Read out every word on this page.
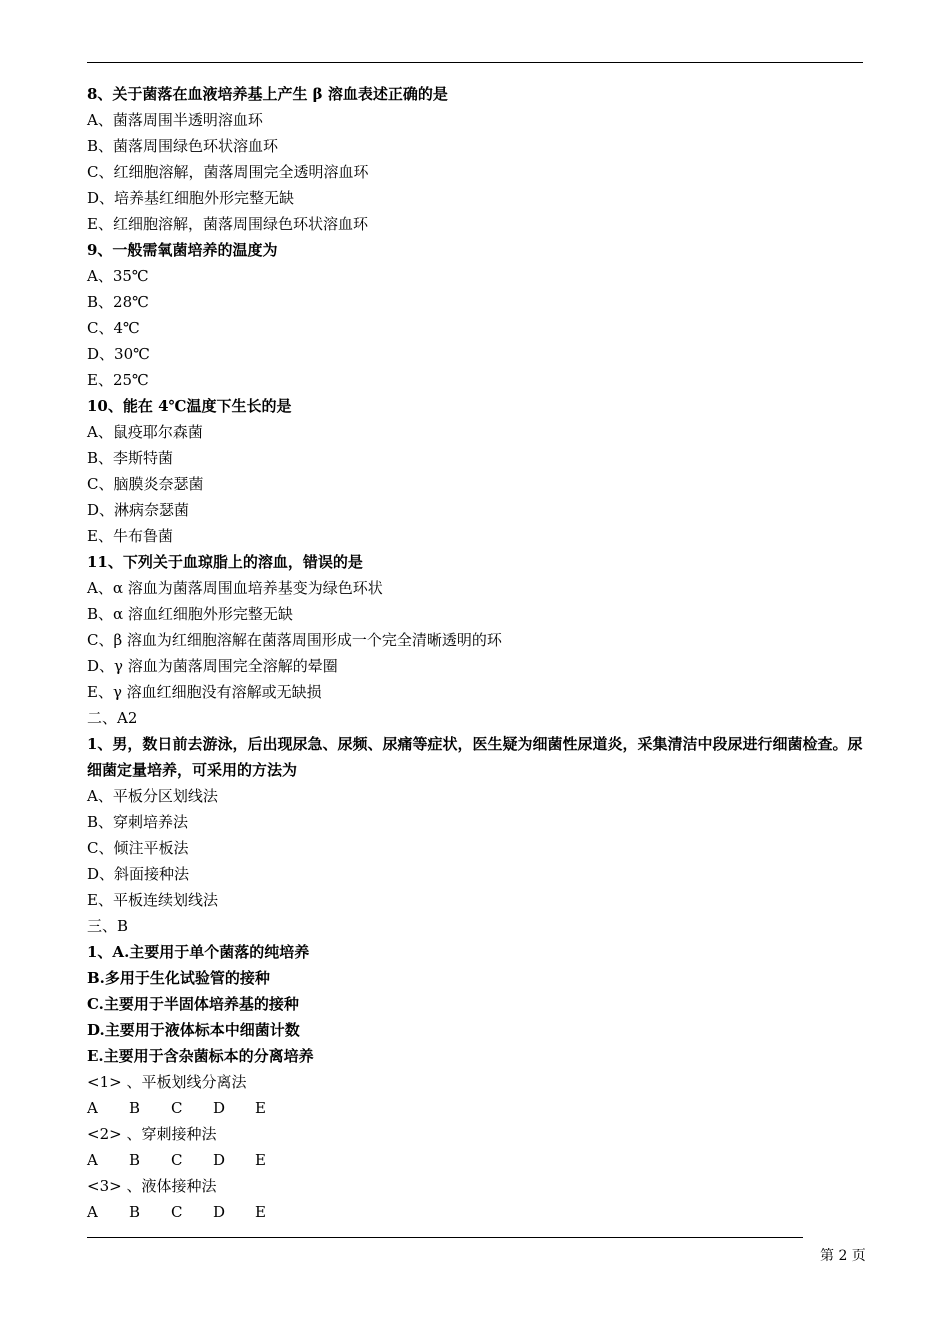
8、关于菌落在血液培养基上产生 β 溶血表述正确的是
A、菌落周围半透明溶血环
B、菌落周围绿色环状溶血环
C、红细胞溶解，菌落周围完全透明溶血环
D、培养基红细胞外形完整无缺
E、红细胞溶解，菌落周围绿色环状溶血环
9、一般需氧菌培养的温度为
A、35℃
B、28℃
C、4℃
D、30℃
E、25℃
10、能在 4℃温度下生长的是
A、鼠疫耶尔森菌
B、李斯特菌
C、脑膜炎奈瑟菌
D、淋病奈瑟菌
E、牛布鲁菌
11、下列关于血琼脂上的溶血，错误的是
A、α 溶血为菌落周围血培养基变为绿色环状
B、α 溶血红细胞外形完整无缺
C、β 溶血为红细胞溶解在菌落周围形成一个完全清晰透明的环
D、γ 溶血为菌落周围完全溶解的晕圈
E、γ 溶血红细胞没有溶解或无缺损
二、A2
1、男，数日前去游泳，后出现尿急、尿频、尿痛等症状，医生疑为细菌性尿道炎，采集清洁中段尿进行细菌检查。尿细菌定量培养，可采用的方法为
A、平板分区划线法
B、穿刺培养法
C、倾注平板法
D、斜面接种法
E、平板连续划线法
三、B
1、A.主要用于单个菌落的纯培养
B.多用于生化试验管的接种
C.主要用于半固体培养基的接种
D.主要用于液体标本中细菌计数
E.主要用于含杂菌标本的分离培养
<1> 、平板划线分离法
A B C D E
<2> 、穿刺接种法
A B C D E
<3> 、液体接种法
A B C D E
第 2 页
